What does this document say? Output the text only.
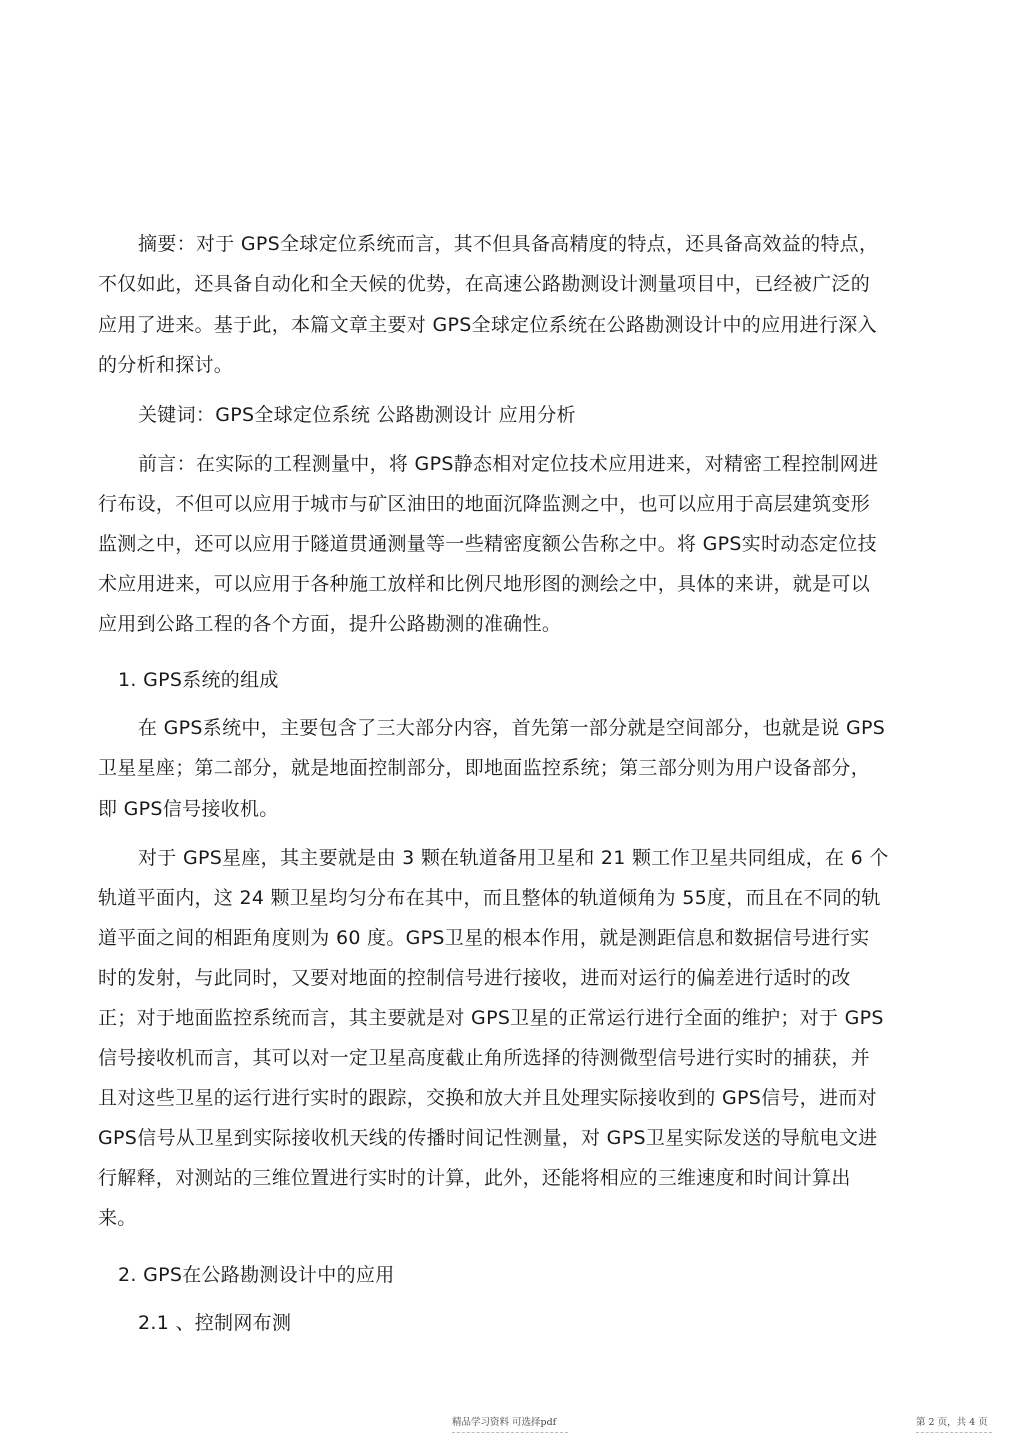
摘要：对于 GPS全球定位系统而言，其不但具备高精度的特点，还具备高效益的特点，
不仅如此，还具备自动化和全天候的优势，在高速公路勘测设计测量项目中，已经被广泛的
应用了进来。基于此，本篇文章主要对 GPS全球定位系统在公路勘测设计中的应用进行深入
的分析和探讨。
关键词：GPS全球定位系统 公路勘测设计 应用分析
前言：在实际的工程测量中，将 GPS静态相对定位技术应用进来，对精密工程控制网进
行布设，不但可以应用于城市与矿区油田的地面沉降监测之中，也可以应用于高层建筑变形
监测之中，还可以应用于隧道贯通测量等一些精密度额公告称之中。将 GPS实时动态定位技
术应用进来，可以应用于各种施工放样和比例尺地形图的测绘之中，具体的来讲，就是可以
应用到公路工程的各个方面，提升公路勘测的准确性。
1. GPS系统的组成
在 GPS系统中，主要包含了三大部分内容，首先第一部分就是空间部分，也就是说 GPS
卫星星座；第二部分，就是地面控制部分，即地面监控系统；第三部分则为用户设备部分，
即 GPS信号接收机。
对于 GPS星座，其主要就是由 3 颗在轨道备用卫星和 21 颗工作卫星共同组成，在 6 个
轨道平面内，这 24 颗卫星均匀分布在其中，而且整体的轨道倾角为 55度，而且在不同的轨
道平面之间的相距角度则为 60 度。GPS卫星的根本作用，就是测距信息和数据信号进行实
时的发射，与此同时，又要对地面的控制信号进行接收，进而对运行的偏差进行适时的改
正；对于地面监控系统而言，其主要就是对 GPS卫星的正常运行进行全面的维护；对于 GPS
信号接收机而言，其可以对一定卫星高度截止角所选择的待测微型信号进行实时的捕获，并
且对这些卫星的运行进行实时的跟踪，交换和放大并且处理实际接收到的 GPS信号，进而对
GPS信号从卫星到实际接收机天线的传播时间记性测量，对 GPS卫星实际发送的导航电文进
行解释，对测站的三维位置进行实时的计算，此外，还能将相应的三维速度和时间计算出
来。
2. GPS在公路勘测设计中的应用
2.1 、控制网布测
精品学习资料 可选择pdf	第 2 页，共 4 页
